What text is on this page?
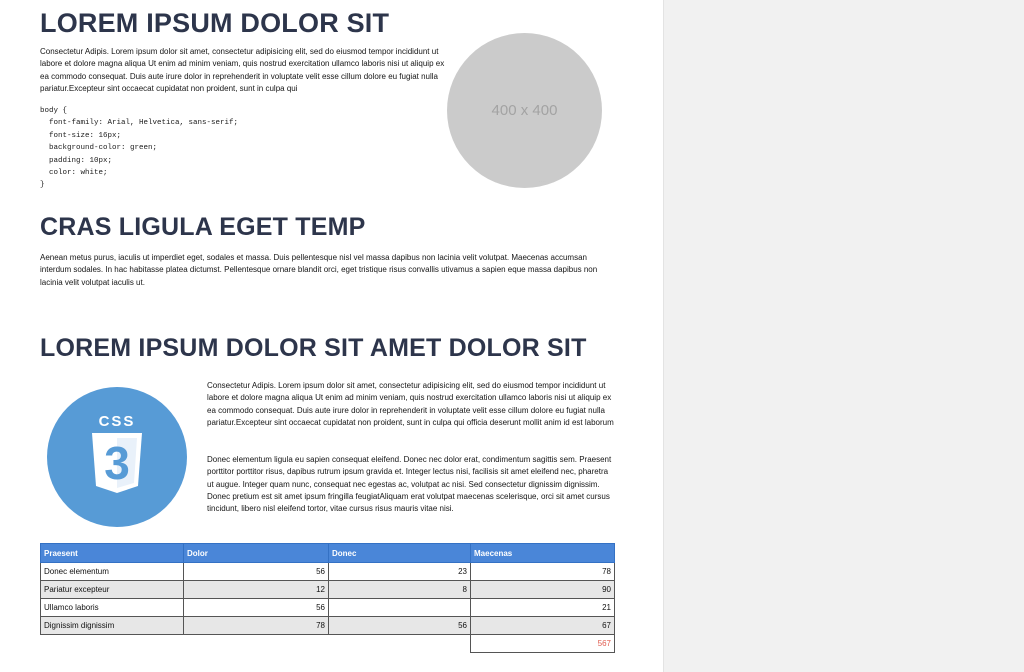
LOREM IPSUM DOLOR SIT

Consectetur Adipis. Lorem ipsum dolor sit amet, consectetur adipisicing elit, sed do eiusmod tempor incididunt ut labore et dolore magna aliqua Ut enim ad minim veniam, quis nostrud exercitation ullamco laboris nisi ut aliquip ex ea commodo consequat. Duis aute irure dolor in reprehenderit in voluptate velit esse cillum dolore eu fugiat nulla pariatur.Excepteur sint occaecat cupidatat non proident, sunt in culpa qui

body {
font-family: Arial, Helvetica, sans-serif;
font-size: 16px;
background-color: green;
padding: 10px;
color: white;
}
400 x 400
· · · ·
CRAS LIGULA EGET TEMP

Aenean metus purus, iaculis ut imperdiet eget, sodales et massa. Duis pellentesque nisl vel massa dapibus non lacinia velit volutpat. Maecenas accumsan interdum sodales. In hac habitasse platea dictumst. Pellentesque ornare blandit orci, eget tristique risus convallis utivamus a sapien eque massa dapibus non lacinia velit volutpat iaculis ut.

LOREM IPSUM DOLOR SIT AMET DOLOR SIT
CSS
3

Consectetur Adipis. Lorem ipsum dolor sit amet, consectetur adipisicing elit, sed do eiusmod tempor incididunt ut labore et dolore magna aliqua Ut enim ad minim veniam, quis nostrud exercitation ullamco laboris nisi ut aliquip ex ea commodo consequat. Duis aute irure dolor in reprehenderit in voluptate velit esse cillum dolore eu fugiat nulla pariatur.Excepteur sint occaecat cupidatat non proident, sunt in culpa qui officia deserunt mollit anim id est laborum

Donec elementum ligula eu sapien consequat eleifend. Donec nec dolor erat, condimentum sagittis sem. Praesent porttitor porttitor risus, dapibus rutrum ipsum gravida et. Integer lectus nisi, facilisis sit amet eleifend nec, pharetra ut augue. Integer quam nunc, consequat nec egestas ac, volutpat ac nisi. Sed consectetur dignissim dignissim. Donec pretium est sit amet ipsum fringilla feugiatAliquam erat volutpat maecenas scelerisque, orci sit amet cursus tincidunt, libero nisl eleifend tortor, vitae cursus risus mauris vitae nisi.

Praesent	Dolor	Donec	Maecenas
Donec elementum	56	23	78
Pariatur excepteur	12	8	90
Ullamco laboris	56		21
Dignissim dignissim	78	56	67
			567
